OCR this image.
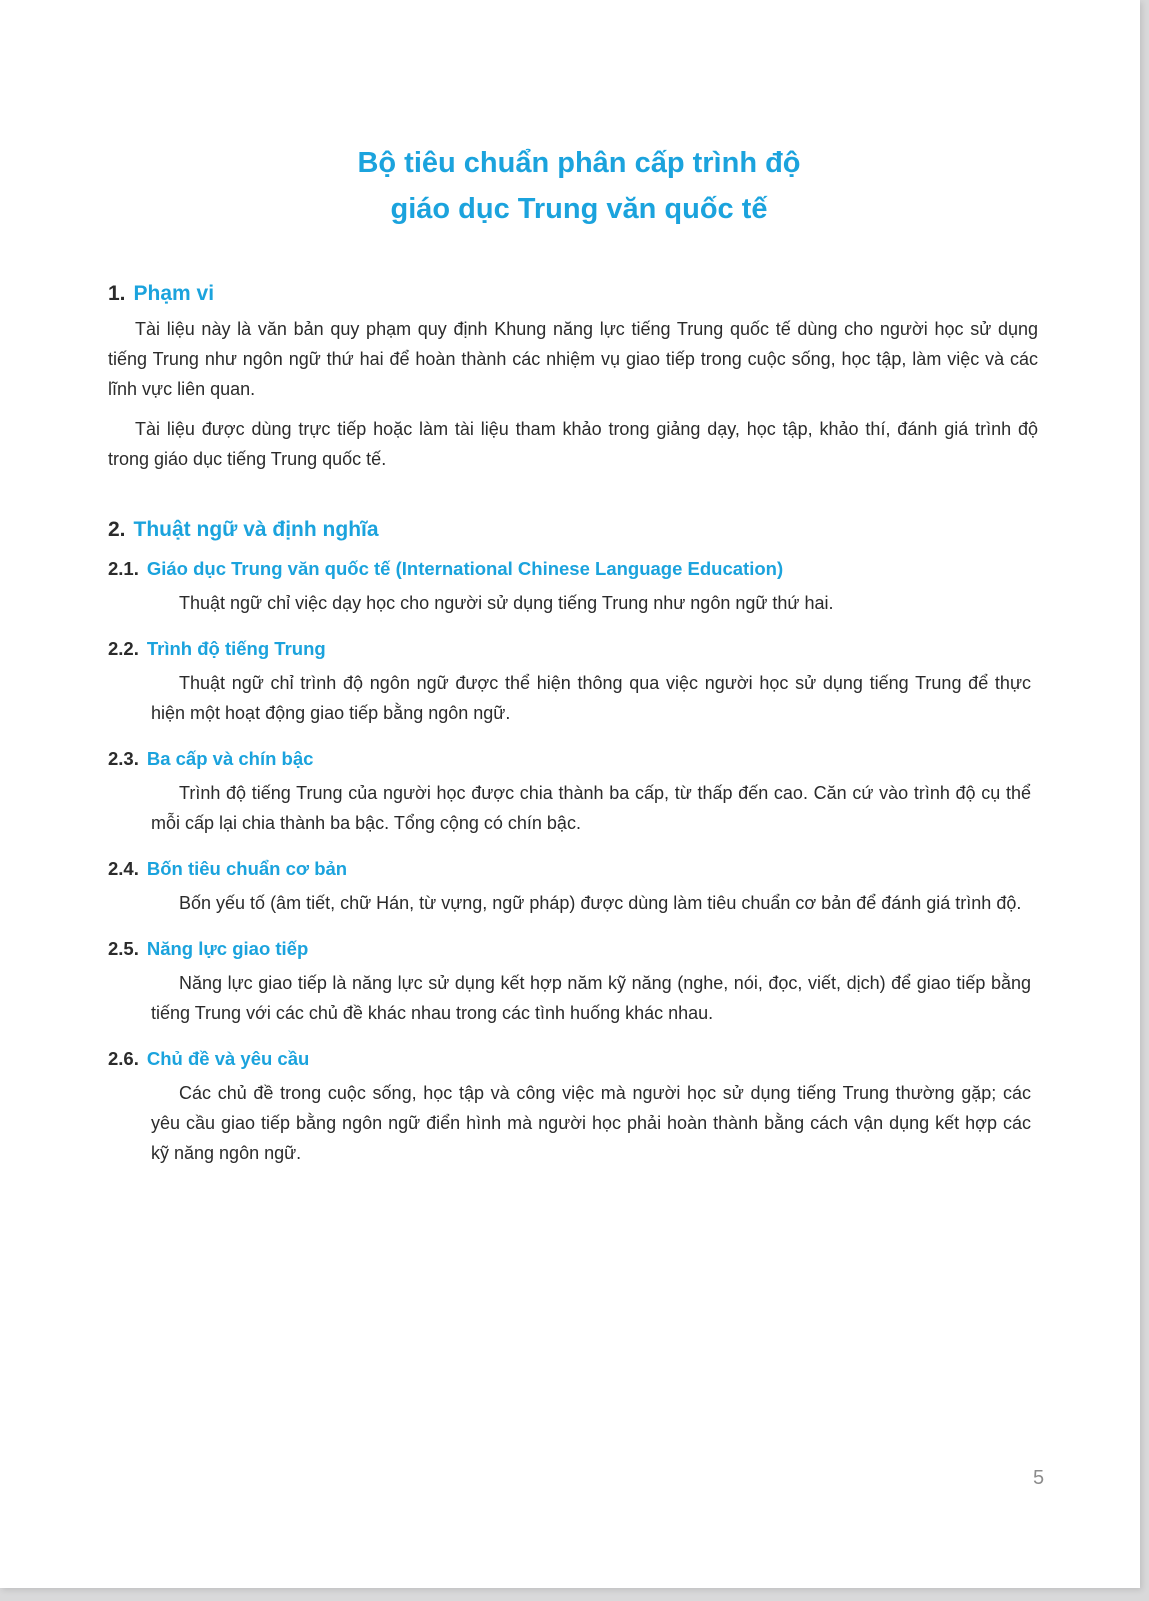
Bộ tiêu chuẩn phân cấp trình độ
giáo dục Trung văn quốc tế
1. Phạm vi

Tài liệu này là văn bản quy phạm quy định Khung năng lực tiếng Trung quốc tế dùng cho người học sử dụng tiếng Trung như ngôn ngữ thứ hai để hoàn thành các nhiệm vụ giao tiếp trong cuộc sống, học tập, làm việc và các lĩnh vực liên quan.

Tài liệu được dùng trực tiếp hoặc làm tài liệu tham khảo trong giảng dạy, học tập, khảo thí, đánh giá trình độ trong giáo dục tiếng Trung quốc tế.

2. Thuật ngữ và định nghĩa
2.1. Giáo dục Trung văn quốc tế (International Chinese Language Education)

Thuật ngữ chỉ việc dạy học cho người sử dụng tiếng Trung như ngôn ngữ thứ hai.

2.2. Trình độ tiếng Trung

Thuật ngữ chỉ trình độ ngôn ngữ được thể hiện thông qua việc người học sử dụng tiếng Trung để thực hiện một hoạt động giao tiếp bằng ngôn ngữ.

2.3. Ba cấp và chín bậc

Trình độ tiếng Trung của người học được chia thành ba cấp, từ thấp đến cao. Căn cứ vào trình độ cụ thể mỗi cấp lại chia thành ba bậc. Tổng cộng có chín bậc.

2.4. Bốn tiêu chuẩn cơ bản

Bốn yếu tố (âm tiết, chữ Hán, từ vựng, ngữ pháp) được dùng làm tiêu chuẩn cơ bản để đánh giá trình độ.

2.5. Năng lực giao tiếp

Năng lực giao tiếp là năng lực sử dụng kết hợp năm kỹ năng (nghe, nói, đọc, viết, dịch) để giao tiếp bằng tiếng Trung với các chủ đề khác nhau trong các tình huống khác nhau.

2.6. Chủ đề và yêu cầu

Các chủ đề trong cuộc sống, học tập và công việc mà người học sử dụng tiếng Trung thường gặp; các yêu cầu giao tiếp bằng ngôn ngữ điển hình mà người học phải hoàn thành bằng cách vận dụng kết hợp các kỹ năng ngôn ngữ.

5
